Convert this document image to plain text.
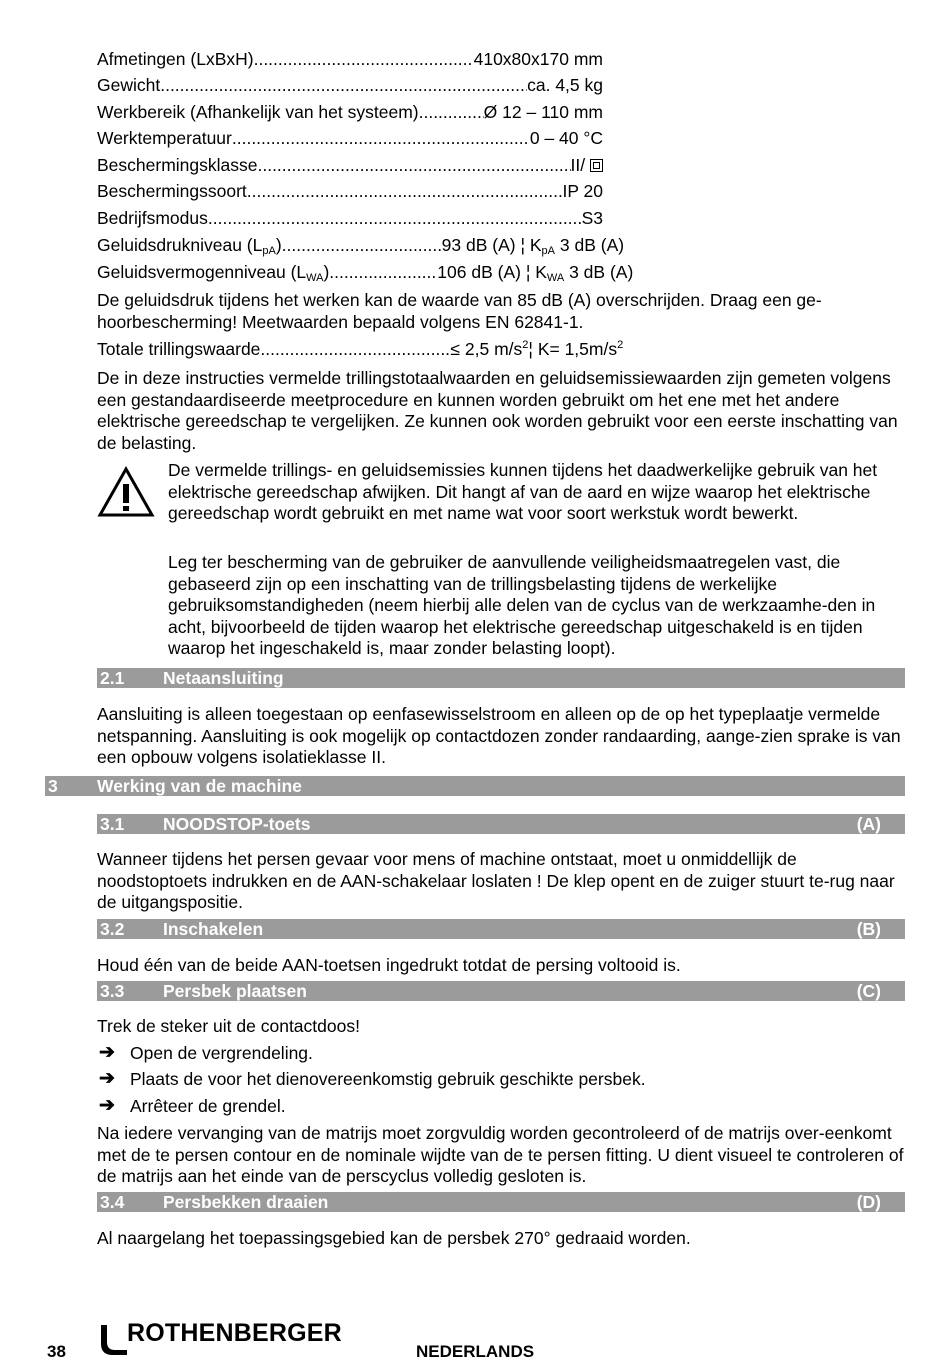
Afmetingen (LxBxH) .....	410x80x170 mm
Gewicht .....	ca. 4,5 kg
Werkbereik (Afhankelijk van het systeem) .....	Ø 12 – 110 mm
Werktemperatuur .....	0 – 40 °C
Beschermingsklasse .....	II/
Beschermingssoort .....	IP 20
Bedrijfsmodus .....	S3
Geluidsdrukniveau $(L_{pA})$ .....	93 dB (A) ¦ $K_{pA}$ 3 dB (A)
Geluidsvermogenniveau $(L_{WA})$ .....	106 dB (A) ¦ $K_{WA}$ 3 dB (A)

De geluidsdruk tijdens het werken kan de waarde van 85 dB (A) overschrijden. Draag een ge-hoorbescherming! Meetwaarden bepaald volgens EN 62841-1.

Totale trillingswaarde .....	≤ 2,5 $m/s^2¦$ $K= 1,5m/s^2$

De in deze instructies vermelde trillingstotaalwaarden en geluidsemissiewaarden zijn gemeten volgens een gestandaardiseerde meetprocedure en kunnen worden gebruikt om het ene met het andere elektrische gereedschap te vergelijken. Ze kunnen ook worden gebruikt voor een eerste inschatting van de belasting.

De vermelde trillings- en geluidsemissies kunnen tijdens het daadwerkelijke gebruik van het elektrische gereedschap afwijken. Dit hangt af van de aard en wijze waarop het elektrische gereedschap wordt gebruikt en met name wat voor soort werkstuk wordt bewerkt.

Leg ter bescherming van de gebruiker de aanvullende veiligheidsmaatregelen vast, die gebaseerd zijn op een inschatting van de trillingsbelasting tijdens de werkelijke gebruiksomstandigheden (neem hierbij alle delen van de cyclus van de werkzaamhe-den in acht, bijvoorbeeld de tijden waarop het elektrische gereedschap uitgeschakeld is en tijden waarop het ingeschakeld is, maar zonder belasting loopt).

2.1 Netaansluiting

Aansluiting is alleen toegestaan op eenfasewisselstroom en alleen op de op het typeplaatje vermelde netspanning. Aansluiting is ook mogelijk op contactdozen zonder randaarding, aange-zien sprake is van een opbouw volgens isolatieklasse II.

3 Werking van de machine
3.1 NOODSTOP-toets	(A)

Wanneer tijdens het persen gevaar voor mens of machine ontstaat, moet u onmiddellijk de noodstoptoets indrukken en de AAN-schakelaar loslaten ! De klep opent en de zuiger stuurt te-rug naar de uitgangspositie.

3.2 Inschakelen	(B)

Houd één van de beide AAN-toetsen ingedrukt totdat de persing voltooid is.

3.3 Persbek plaatsen	(C)

Trek de steker uit de contactdoos!

➔ Open de vergrendeling.
➔ Plaats de voor het dienovereenkomstig gebruik geschikte persbek.
➔ Arrêteer de grendel.

Na iedere vervanging van de matrijs moet zorgvuldig worden gecontroleerd of de matrijs over-eenkomt met de te persen contour en de nominale wijdte van de te persen fitting. U dient visueel te controleren of de matrijs aan het einde van de perscyclus volledig gesloten is.

3.4 Persbekken draaien	(D)

Al naargelang het toepassingsgebied kan de persbek 270° gedraaid worden.

38
ROTHENBERGER
NEDERLANDS
